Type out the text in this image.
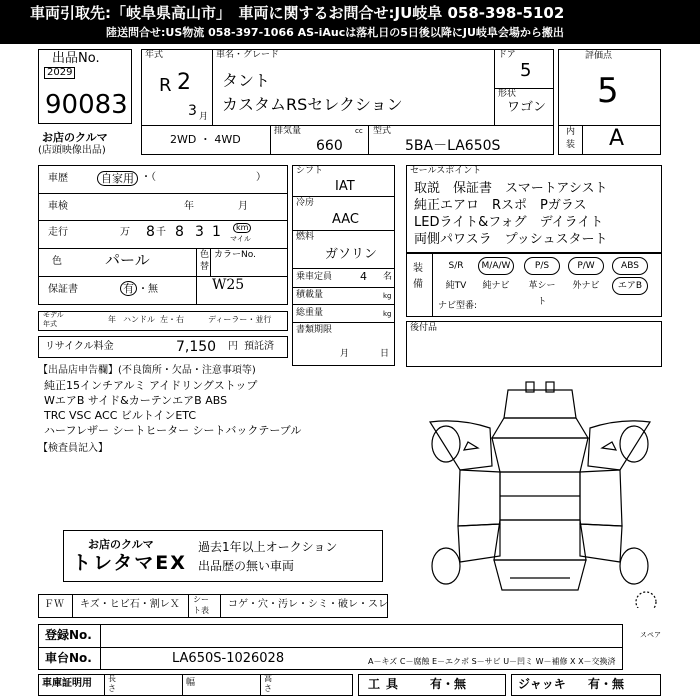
車両引取先:「岐阜県高山市」　車両に関するお問合せ:JU岐阜 058-398-5102
陸送問合せ:US物流 058-397-1066 AS-iAucは落札日の5日後以降にJU岐阜会場から搬出
出品No.
2029
90083
お店のクルマ
(店頭映像出品)
年式
R 2
3 月
車名・グレード
タント
カスタムRSセレクション
ドア
5
形状
ワゴン
2WD ・ 4WD
排気量	cc
660
型式
5BA－LA650S
評価点
5
内
装 A
車歴	自家用 ・（　　　　　　　　　　）
車検	年	月
走行	万 8 千 8 3 1	km
マイル
色	パール	色
替
カラーNo.
W25
保証書	有 ・無
モデル
年式	年 ハンドル 左・右	ディーラー・並行
リサイクル料金	7,150 円 預託済
シフト
IAT
冷房
AAC
燃料
ガソリン
乗車定員	4 名
積載量	kg
総重量	kg
書類期限
月	日
セールスポイント
取説　保証書　スマートアシスト
純正エアロ　Rスポ　Pガラス
LEDライト&フォグ　デイライト
両側パワスラ　プッシュスタート
装
備
S/R	M/A/W	P/S	P/W	ABS
純TV	純ナビ	革シート
外ナビ	エアB
ナビ型番:
後付品
【出品店申告欄】(不良箇所・欠品・注意事項等)
純正15インチアルミ アイドリングストップ
WエアB サイド&カーテンエアB ABS
TRC VSC ACC ビルトインETC
ハーフレザー シートヒーター シートバックテーブル
【検査員記入】
スペア
お店のクルマ
トレタマEX
過去1年以上オークション
出品歴の無い車両
ＦＷ キズ・ヒビ石・割レＸ シー
ト表
コゲ・穴・汚レ・シミ・破レ・スレ
登録No.
車台No.	LA650S-1026028	A－キズ C－腐蝕 E－エクボ S－サビ U－凹ミ W－補修 X X－交換済
車庫証明用 長
さ
幅	高
さ	工具 有・無	ジャッキ 有・無
